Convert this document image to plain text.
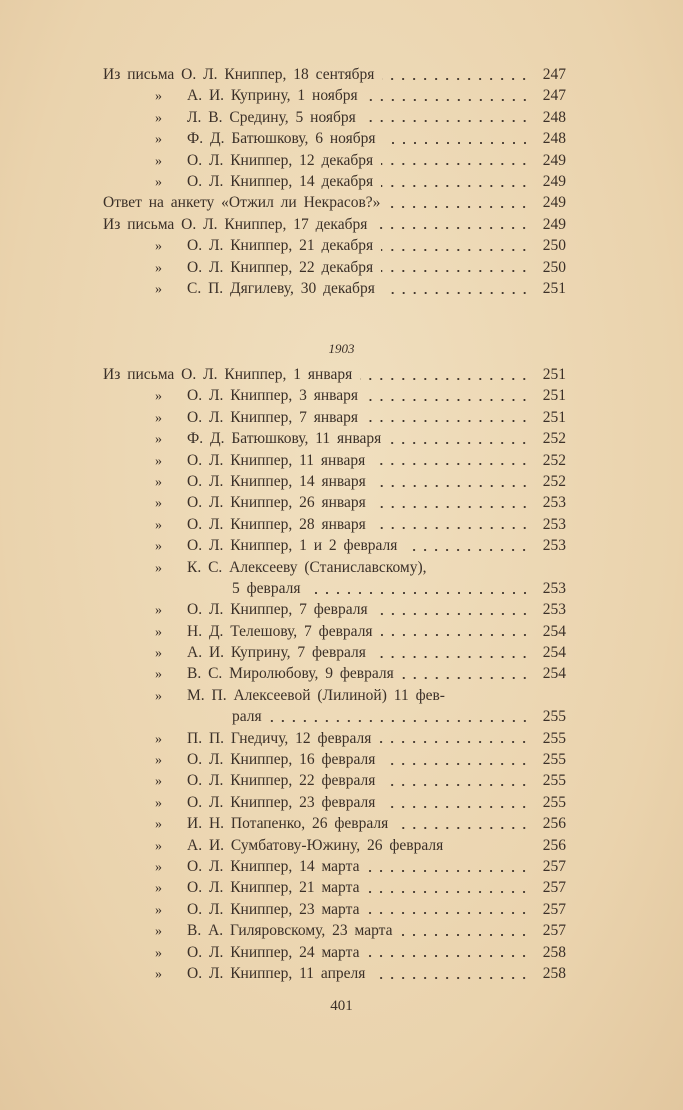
Из письма О. Л. Книппер, 18 сентября	247
»	А. И. Куприну, 1 ноября	247
»	Л. В. Средину, 5 ноября	248
»	Ф. Д. Батюшкову, 6 ноября	248
»	О. Л. Книппер, 12 декабря	249
»	О. Л. Книппер, 14 декабря	249
Ответ на анкету «Отжил ли Некрасов?»	249
Из письма О. Л. Книппер, 17 декабря	249
»	О. Л. Книппер, 21 декабря	250
»	О. Л. Книппер, 22 декабря	250
»	С. П. Дягилеву, 30 декабря	251
1903
Из письма О. Л. Книппер, 1 января	251
»	О. Л. Книппер, 3 января	251
»	О. Л. Книппер, 7 января	251
»	Ф. Д. Батюшкову, 11 января	252
»	О. Л. Книппер, 11 января	252
»	О. Л. Книппер, 14 января	252
»	О. Л. Книппер, 26 января	253
»	О. Л. Книппер, 28 января	253
»	О. Л. Книппер, 1 и 2 февраля	253
»	К. С. Алексееву (Станиславскому),
5 февраля	253
»	О. Л. Книппер, 7 февраля	253
»	Н. Д. Телешову, 7 февраля	254
»	А. И. Куприну, 7 февраля	254
»	В. С. Миролюбову, 9 февраля	254
»	М. П. Алексеевой (Лилиной) 11 фев-
раля	255
»	П. П. Гнедичу, 12 февраля	255
»	О. Л. Книппер, 16 февраля	255
»	О. Л. Книппер, 22 февраля	255
»	О. Л. Книппер, 23 февраля	255
»	И. Н. Потапенко, 26 февраля	256
»	А. И. Сумбатову-Южину, 26 февраля	256
»	О. Л. Книппер, 14 марта	257
»	О. Л. Книппер, 21 марта	257
»	О. Л. Книппер, 23 марта	257
»	В. А. Гиляровскому, 23 марта	257
»	О. Л. Книппер, 24 марта	258
»	О. Л. Книппер, 11 апреля	258
401
